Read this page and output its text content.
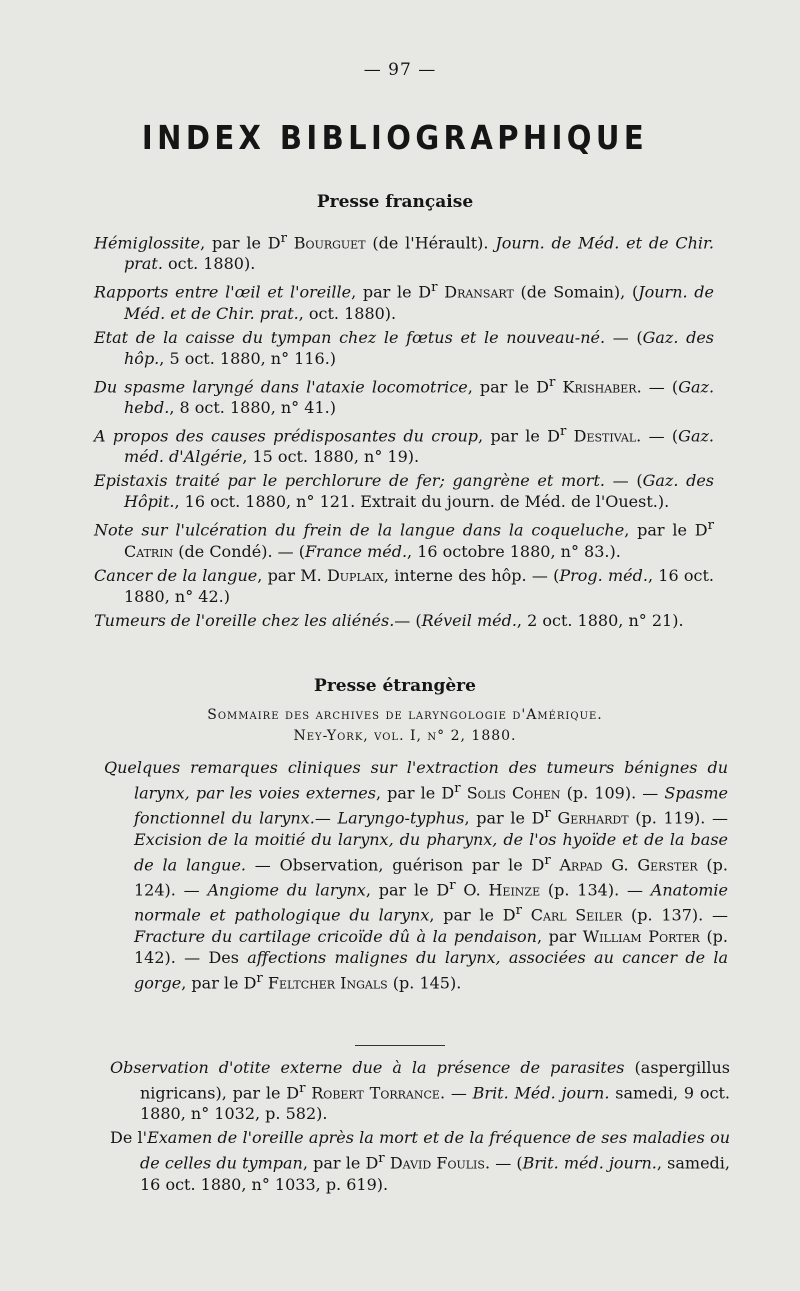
— 97 —
INDEX BIBLIOGRAPHIQUE
Presse française

Hémiglossite, par le $D^r$ Bourguet (de l'Hérault). Journ. de Méd. et de Chir. prat. oct. 1880).

Rapports entre l'œil et l'oreille, par le $D^r$ Dransart (de Somain), (Journ. de Méd. et de Chir. prat., oct. 1880).

Etat de la caisse du tympan chez le fœtus et le nouveau-né. — (Gaz. des hôp., 5 oct. 1880, n° 116.)

Du spasme laryngé dans l'ataxie locomotrice, par le $D^r$ Krishaber. — (Gaz. hebd., 8 oct. 1880, n° 41.)

A propos des causes prédisposantes du croup, par le $D^r$ Destival. — (Gaz. méd. d'Algérie, 15 oct. 1880, n° 19).

Epistaxis traité par le perchlorure de fer; gangrène et mort. — (Gaz. des Hôpit., 16 oct. 1880, n° 121. Extrait du journ. de Méd. de l'Ouest.).

Note sur l'ulcération du frein de la langue dans la coqueluche, par le $D^r$ Catrin (de Condé). — (France méd., 16 octobre 1880, n° 83.).

Cancer de la langue, par M. Duplaix, interne des hôp. — (Prog. méd., 16 oct. 1880, n° 42.)

Tumeurs de l'oreille chez les aliénés.— (Réveil méd., 2 oct. 1880, n° 21).

Presse étrangère
Sommaire des archives de laryngologie d'Amérique.
Ney-York, vol. I, n° 2, 1880.

Quelques remarques cliniques sur l'extraction des tumeurs bénignes du larynx, par les voies externes, par le $D^r$ Solis Cohen (p. 109). — Spasme fonctionnel du larynx.— Laryngo-typhus, par le $D^r$ Gerhardt (p. 119). — Excision de la moitié du larynx, du pharynx, de l'os hyoïde et de la base de la langue. — Observation, guérison par le $D^r$ Arpad G. Gerster (p. 124). — Angiome du larynx, par le $D^r$ O. Heinze (p. 134). — Anatomie normale et pathologique du larynx, par le $D^r$ Carl Seiler (p. 137). — Fracture du cartilage cricoïde dû à la pendaison, par William Porter (p. 142). — Des affections malignes du larynx, associées au cancer de la gorge, par le $D^r$ Feltcher Ingals (p. 145).

Observation d'otite externe due à la présence de parasites (aspergillus nigricans), par le $D^r$ Robert Torrance. — Brit. Méd. journ. samedi, 9 oct. 1880, n° 1032, p. 582).

De l'Examen de l'oreille après la mort et de la fréquence de ses maladies ou de celles du tympan, par le $D^r$ David Foulis. — (Brit. méd. journ., samedi, 16 oct. 1880, n° 1033, p. 619).
